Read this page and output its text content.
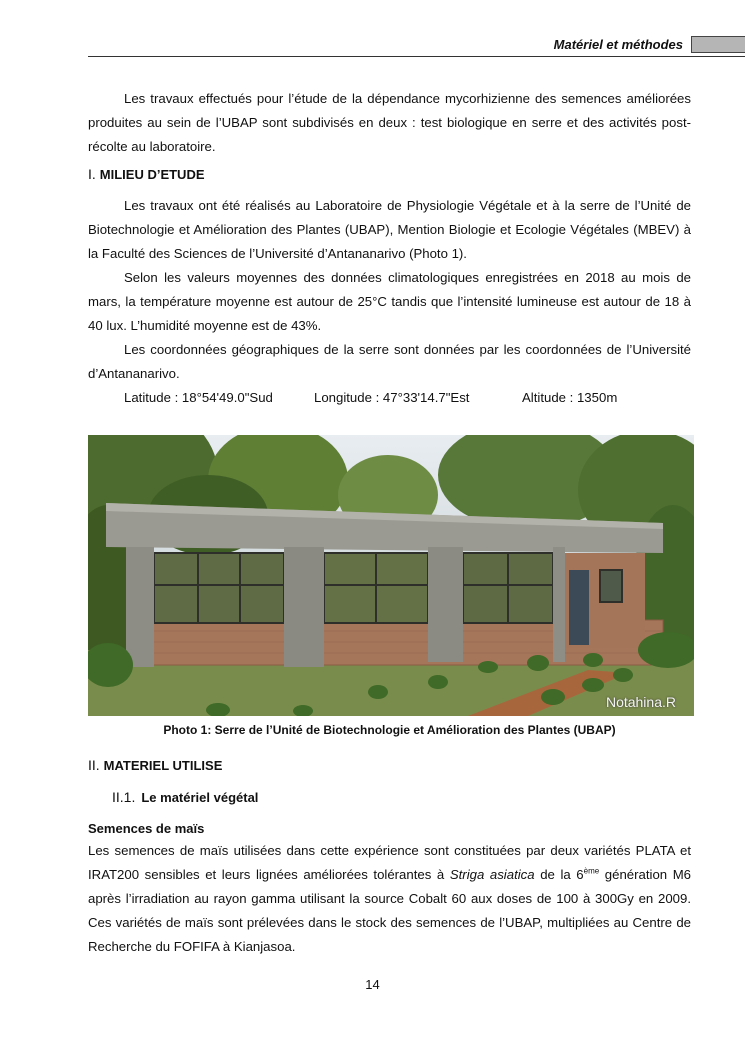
Matériel et méthodes

Les travaux effectués pour l’étude de la dépendance mycorhizienne des semences améliorées produites au sein de l’UBAP sont subdivisés en deux : test biologique en serre et des activités post-récolte au laboratoire.

I. MILIEU D’ETUDE

Les travaux ont été réalisés au Laboratoire de Physiologie Végétale et à la serre de l’Unité de Biotechnologie et Amélioration des Plantes (UBAP), Mention Biologie et Ecologie Végétales (MBEV) à la Faculté des Sciences de l’Université d’Antananarivo (Photo 1).

Selon les valeurs moyennes des données climatologiques enregistrées en 2018 au mois de mars, la température moyenne est autour de 25°C tandis que l’intensité lumineuse est autour de 18 à 40 lux. L’humidité moyenne est de 43%.

Les coordonnées géographiques de la serre sont données par les coordonnées de l’Université d’Antananarivo.

Latitude : 18°54'49.0"Sud	Longitude : 47°33'14.7"Est	Altitude : 1350m
Notahina.R
Photo 1: Serre de l’Unité de Biotechnologie et Amélioration des Plantes (UBAP)
II. MATERIEL UTILISE
II.1. Le matériel végétal
Semences de maïs

Les semences de maïs utilisées dans cette expérience sont constituées par deux variétés PLATA et IRAT200 sensibles et leurs lignées améliorées tolérantes à Striga asiatica de la 6ème génération M6 après l’irradiation au rayon gamma utilisant la source Cobalt 60 aux doses de 100 à 300Gy en 2009. Ces variétés de maïs sont prélevées dans le stock des semences de l’UBAP, multipliées au Centre de Recherche du FOFIFA à Kianjasoa.

14
